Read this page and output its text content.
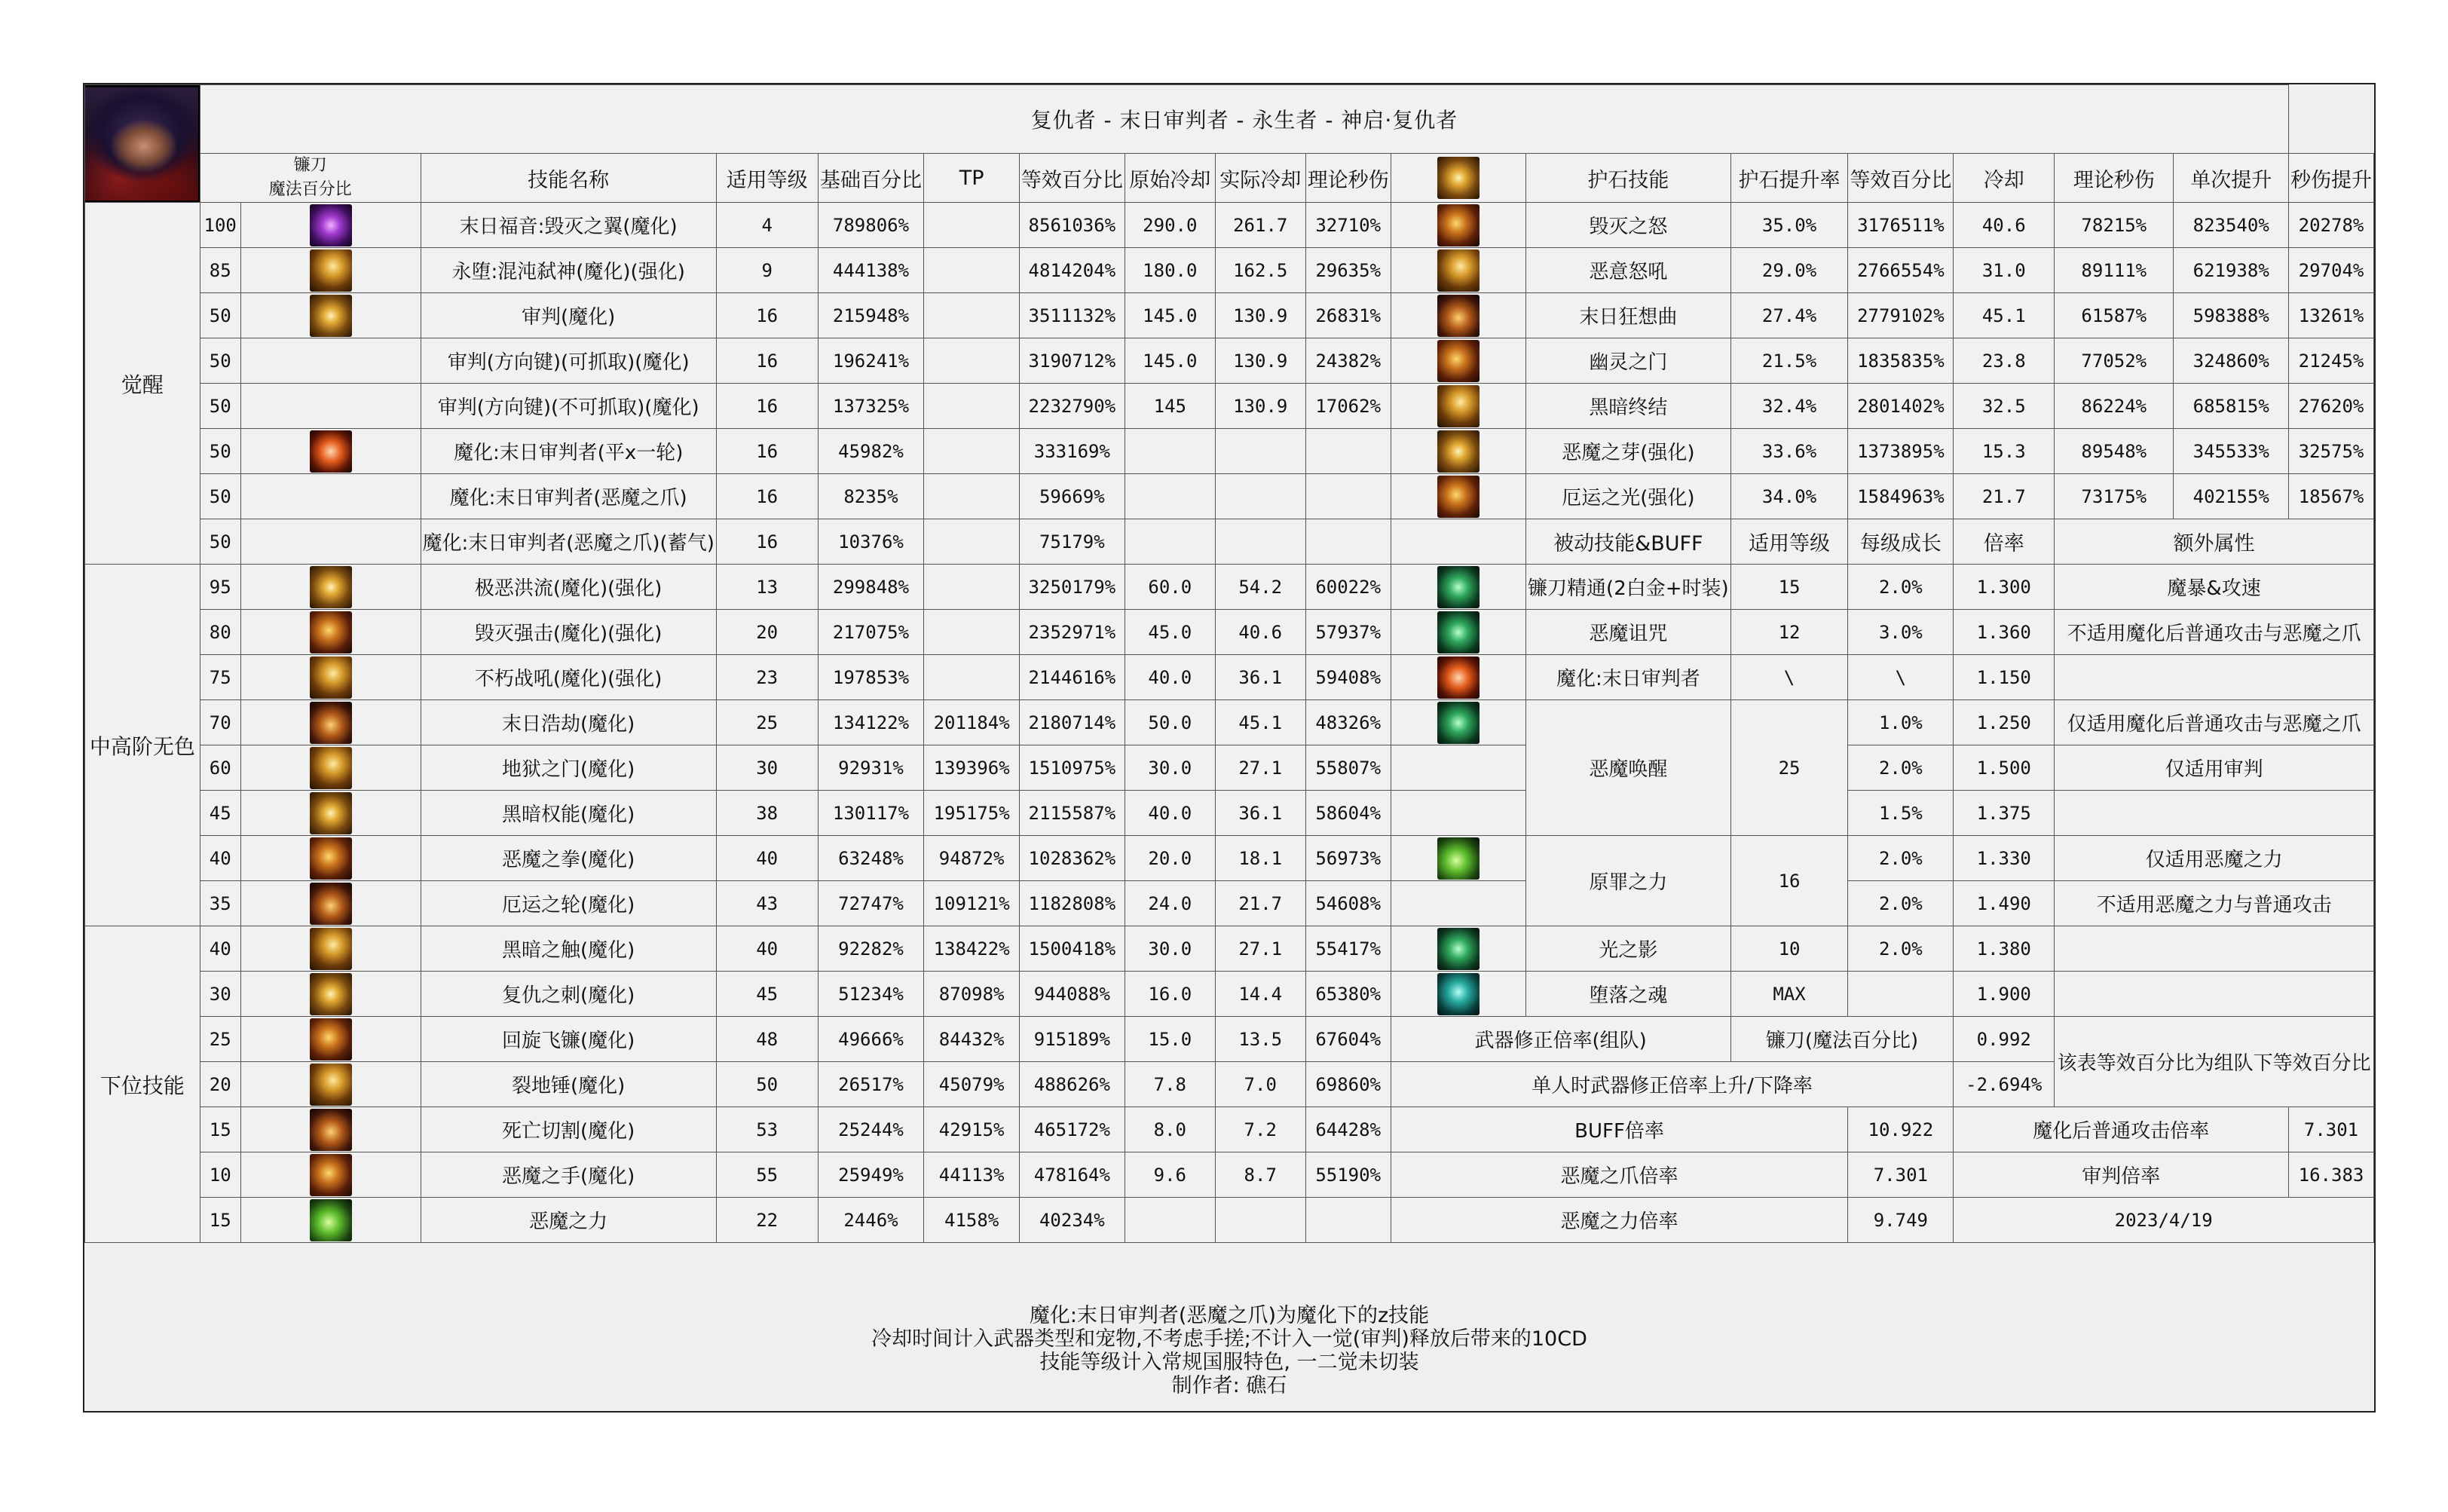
	复仇者 - 末日审判者 - 永生者 - 神启·复仇者																	
	镰刀
魔法百分比		技能名称	适用等级	基础百分比	TP	等效百分比	原始冷却	实际冷却	理论秒伤		护石技能	护石提升率	等效百分比	冷却	理论秒伤	单次提升	秒伤提升
觉醒	100		末日福音:毁灭之翼(魔化)	4	789806%		8561036%	290.0	261.7	32710%		毁灭之怒	35.0%	3176511%	40.6	78215%	823540%	20278%
	85		永堕:混沌弑神(魔化)(强化)	9	444138%		4814204%	180.0	162.5	29635%		恶意怒吼	29.0%	2766554%	31.0	89111%	621938%	29704%
	50		审判(魔化)	16	215948%		3511132%	145.0	130.9	26831%		末日狂想曲	27.4%	2779102%	45.1	61587%	598388%	13261%
	50		审判(方向键)(可抓取)(魔化)	16	196241%		3190712%	145.0	130.9	24382%		幽灵之门	21.5%	1835835%	23.8	77052%	324860%	21245%
	50		审判(方向键)(不可抓取)(魔化)	16	137325%		2232790%	145	130.9	17062%		黑暗终结	32.4%	2801402%	32.5	86224%	685815%	27620%
	50		魔化:末日审判者(平x一轮)	16	45982%		333169%					恶魔之芽(强化)	33.6%	1373895%	15.3	89548%	345533%	32575%
	50		魔化:末日审判者(恶魔之爪)	16	8235%		59669%					厄运之光(强化)	34.0%	1584963%	21.7	73175%	402155%	18567%
	50		魔化:末日审判者(恶魔之爪)(蓄气)	16	10376%		75179%					被动技能&BUFF	适用等级	每级成长	倍率	额外属性		
中高阶无色	95		极恶洪流(魔化)(强化)	13	299848%		3250179%	60.0	54.2	60022%		镰刀精通(2白金+时装)	15	2.0%	1.300	魔暴&攻速		
	80		毁灭强击(魔化)(强化)	20	217075%		2352971%	45.0	40.6	57937%		恶魔诅咒	12	3.0%	1.360	不适用魔化后普通攻击与恶魔之爪		
	75		不朽战吼(魔化)(强化)	23	197853%		2144616%	40.0	36.1	59408%		魔化:末日审判者	\	\	1.150			
	70		末日浩劫(魔化)	25	134122%	201184%	2180714%	50.0	45.1	48326%		恶魔唤醒	25	1.0%	1.250	仅适用魔化后普通攻击与恶魔之爪		
	60		地狱之门(魔化)	30	92931%	139396%	1510975%	30.0	27.1	55807%				2.0%	1.500	仅适用审判		
	45		黑暗权能(魔化)	38	130117%	195175%	2115587%	40.0	36.1	58604%				1.5%	1.375			
	40		恶魔之拳(魔化)	40	63248%	94872%	1028362%	20.0	18.1	56973%		原罪之力	16	2.0%	1.330	仅适用恶魔之力		
	35		厄运之轮(魔化)	43	72747%	109121%	1182808%	24.0	21.7	54608%				2.0%	1.490	不适用恶魔之力与普通攻击		
下位技能	40		黑暗之触(魔化)	40	92282%	138422%	1500418%	30.0	27.1	55417%		光之影	10	2.0%	1.380			
	30		复仇之刺(魔化)	45	51234%	87098%	944088%	16.0	14.4	65380%		堕落之魂	MAX		1.900			
	25		回旋飞镰(魔化)	48	49666%	84432%	915189%	15.0	13.5	67604%	武器修正倍率(组队)		镰刀(魔法百分比)		0.992	该表等效百分比为组队下等效百分比		
	20		裂地锤(魔化)	50	26517%	45079%	488626%	7.8	7.0	69860%	单人时武器修正倍率上升/下降率				-2.694%			
	15		死亡切割(魔化)	53	25244%	42915%	465172%	8.0	7.2	64428%	BUFF倍率			10.922	魔化后普通攻击倍率			7.301
	10		恶魔之手(魔化)	55	25949%	44113%	478164%	9.6	8.7	55190%	恶魔之爪倍率			7.301	审判倍率			16.383
	15		恶魔之力	22	2446%	4158%	40234%				恶魔之力倍率			9.749	2023/4/19			
魔化:末日审判者(恶魔之爪)为魔化下的z技能
冷却时间计入武器类型和宠物,不考虑手搓;不计入一觉(审判)释放后带来的10CD
技能等级计入常规国服特色, 一二觉未切装
制作者: 礁石
